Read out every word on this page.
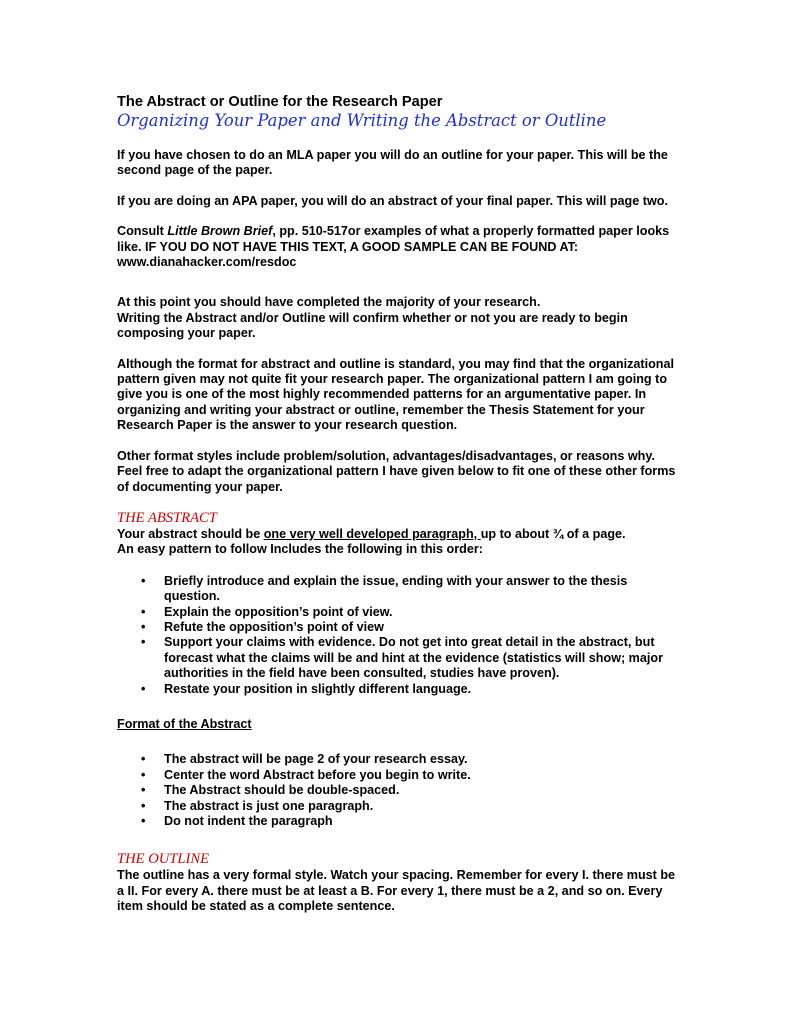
The Abstract or Outline for the Research Paper
Organizing Your Paper and Writing the Abstract or Outline

If you have chosen to do an MLA paper you will do an outline for your paper. This will be the second page of the paper.

If you are doing an APA paper, you will do an abstract of your final paper. This will page two.

Consult Little Brown Brief, pp. 510-517or examples of what a properly formatted paper looks like. IF YOU DO NOT HAVE THIS TEXT, A GOOD SAMPLE CAN BE FOUND AT: www.dianahacker.com/resdoc

At this point you should have completed the majority of your research.
Writing the Abstract and/or Outline will confirm whether or not you are ready to begin composing your paper.

Although the format for abstract and outline is standard, you may find that the organizational pattern given may not quite fit your research paper. The organizational pattern I am going to give you is one of the most highly recommended patterns for an argumentative paper. In organizing and writing your abstract or outline, remember the Thesis Statement for your Research Paper is the answer to your research question.

Other format styles include problem/solution, advantages/disadvantages, or reasons why. Feel free to adapt the organizational pattern I have given below to fit one of these other forms of documenting your paper.

THE ABSTRACT
Your abstract should be one very well developed paragraph, up to about ¾ of a page.
An easy pattern to follow Includes the following in this order:
• Briefly introduce and explain the issue, ending with your answer to the thesis question.
• Explain the opposition’s point of view.
• Refute the opposition’s point of view
• Support your claims with evidence. Do not get into great detail in the abstract, but forecast what the claims will be and hint at the evidence (statistics will show; major authorities in the field have been consulted, studies have proven).
• Restate your position in slightly different language.
Format of the Abstract
• The abstract will be page 2 of your research essay.
• Center the word Abstract before you begin to write.
• The Abstract should be double-spaced.
• The abstract is just one paragraph.
• Do not indent the paragraph
THE OUTLINE
The outline has a very formal style. Watch your spacing. Remember for every I. there must be a II. For every A. there must be at least a B. For every 1, there must be a 2, and so on. Every item should be stated as a complete sentence.
